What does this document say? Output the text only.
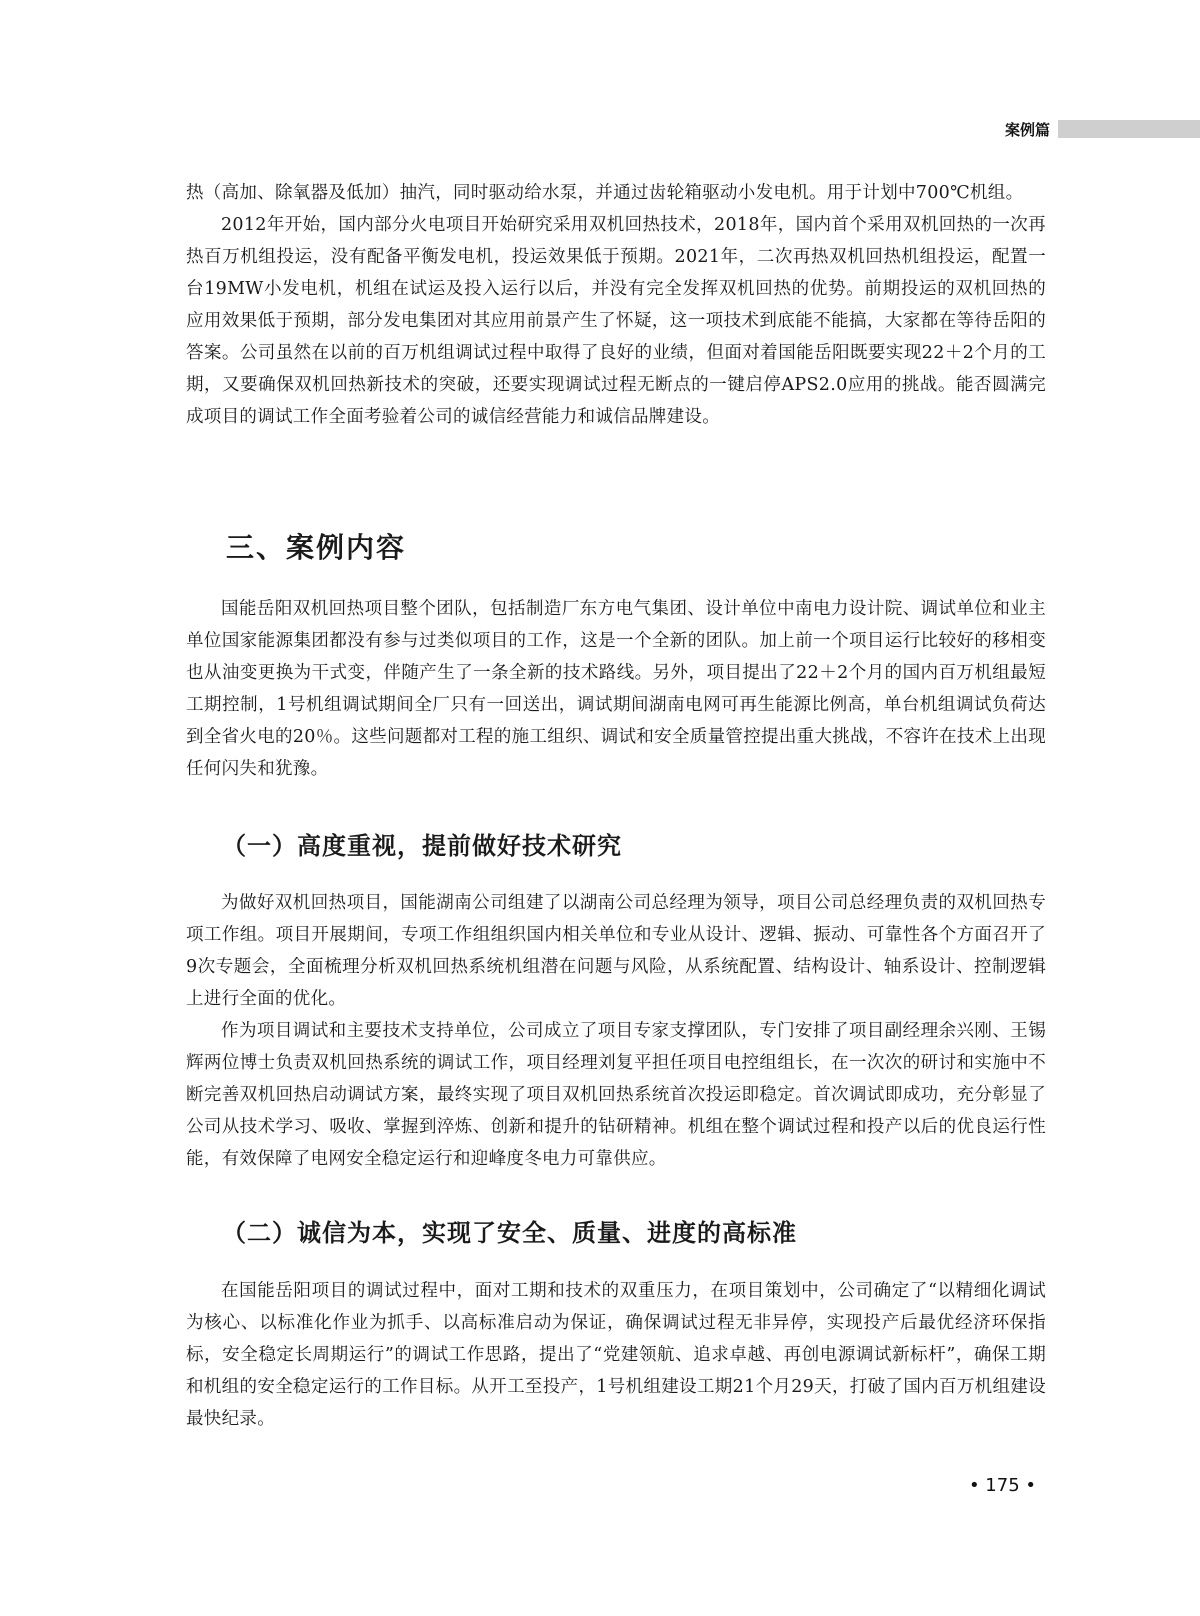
案例篇

热（高加、除氧器及低加）抽汽，同时驱动给水泵，并通过齿轮箱驱动小发电机。用于计划中700℃机组。

2012年开始，国内部分火电项目开始研究采用双机回热技术，2018年，国内首个采用双机回热的一次再热百万机组投运，没有配备平衡发电机，投运效果低于预期。2021年，二次再热双机回热机组投运，配置一台19MW小发电机，机组在试运及投入运行以后，并没有完全发挥双机回热的优势。前期投运的双机回热的应用效果低于预期，部分发电集团对其应用前景产生了怀疑，这一项技术到底能不能搞，大家都在等待岳阳的答案。公司虽然在以前的百万机组调试过程中取得了良好的业绩，但面对着国能岳阳既要实现22＋2个月的工期，又要确保双机回热新技术的突破，还要实现调试过程无断点的一键启停APS2.0应用的挑战。能否圆满完成项目的调试工作全面考验着公司的诚信经营能力和诚信品牌建设。

三、案例内容

国能岳阳双机回热项目整个团队，包括制造厂东方电气集团、设计单位中南电力设计院、调试单位和业主单位国家能源集团都没有参与过类似项目的工作，这是一个全新的团队。加上前一个项目运行比较好的移相变也从油变更换为干式变，伴随产生了一条全新的技术路线。另外，项目提出了22＋2个月的国内百万机组最短工期控制，1号机组调试期间全厂只有一回送出，调试期间湖南电网可再生能源比例高，单台机组调试负荷达到全省火电的20％。这些问题都对工程的施工组织、调试和安全质量管控提出重大挑战，不容许在技术上出现任何闪失和犹豫。

（一）高度重视，提前做好技术研究

为做好双机回热项目，国能湖南公司组建了以湖南公司总经理为领导，项目公司总经理负责的双机回热专项工作组。项目开展期间，专项工作组组织国内相关单位和专业从设计、逻辑、振动、可靠性各个方面召开了9次专题会，全面梳理分析双机回热系统机组潜在问题与风险，从系统配置、结构设计、轴系设计、控制逻辑上进行全面的优化。

作为项目调试和主要技术支持单位，公司成立了项目专家支撑团队，专门安排了项目副经理余兴刚、王锡辉两位博士负责双机回热系统的调试工作，项目经理刘复平担任项目电控组组长，在一次次的研讨和实施中不断完善双机回热启动调试方案，最终实现了项目双机回热系统首次投运即稳定。首次调试即成功，充分彰显了公司从技术学习、吸收、掌握到淬炼、创新和提升的钻研精神。机组在整个调试过程和投产以后的优良运行性能，有效保障了电网安全稳定运行和迎峰度冬电力可靠供应。

（二）诚信为本，实现了安全、质量、进度的高标准

在国能岳阳项目的调试过程中，面对工期和技术的双重压力，在项目策划中，公司确定了“以精细化调试为核心、以标准化作业为抓手、以高标准启动为保证，确保调试过程无非异停，实现投产后最优经济环保指标，安全稳定长周期运行”的调试工作思路，提出了“党建领航、追求卓越、再创电源调试新标杆”，确保工期和机组的安全稳定运行的工作目标。从开工至投产，1号机组建设工期21个月29天，打破了国内百万机组建设最快纪录。

• 175 •
